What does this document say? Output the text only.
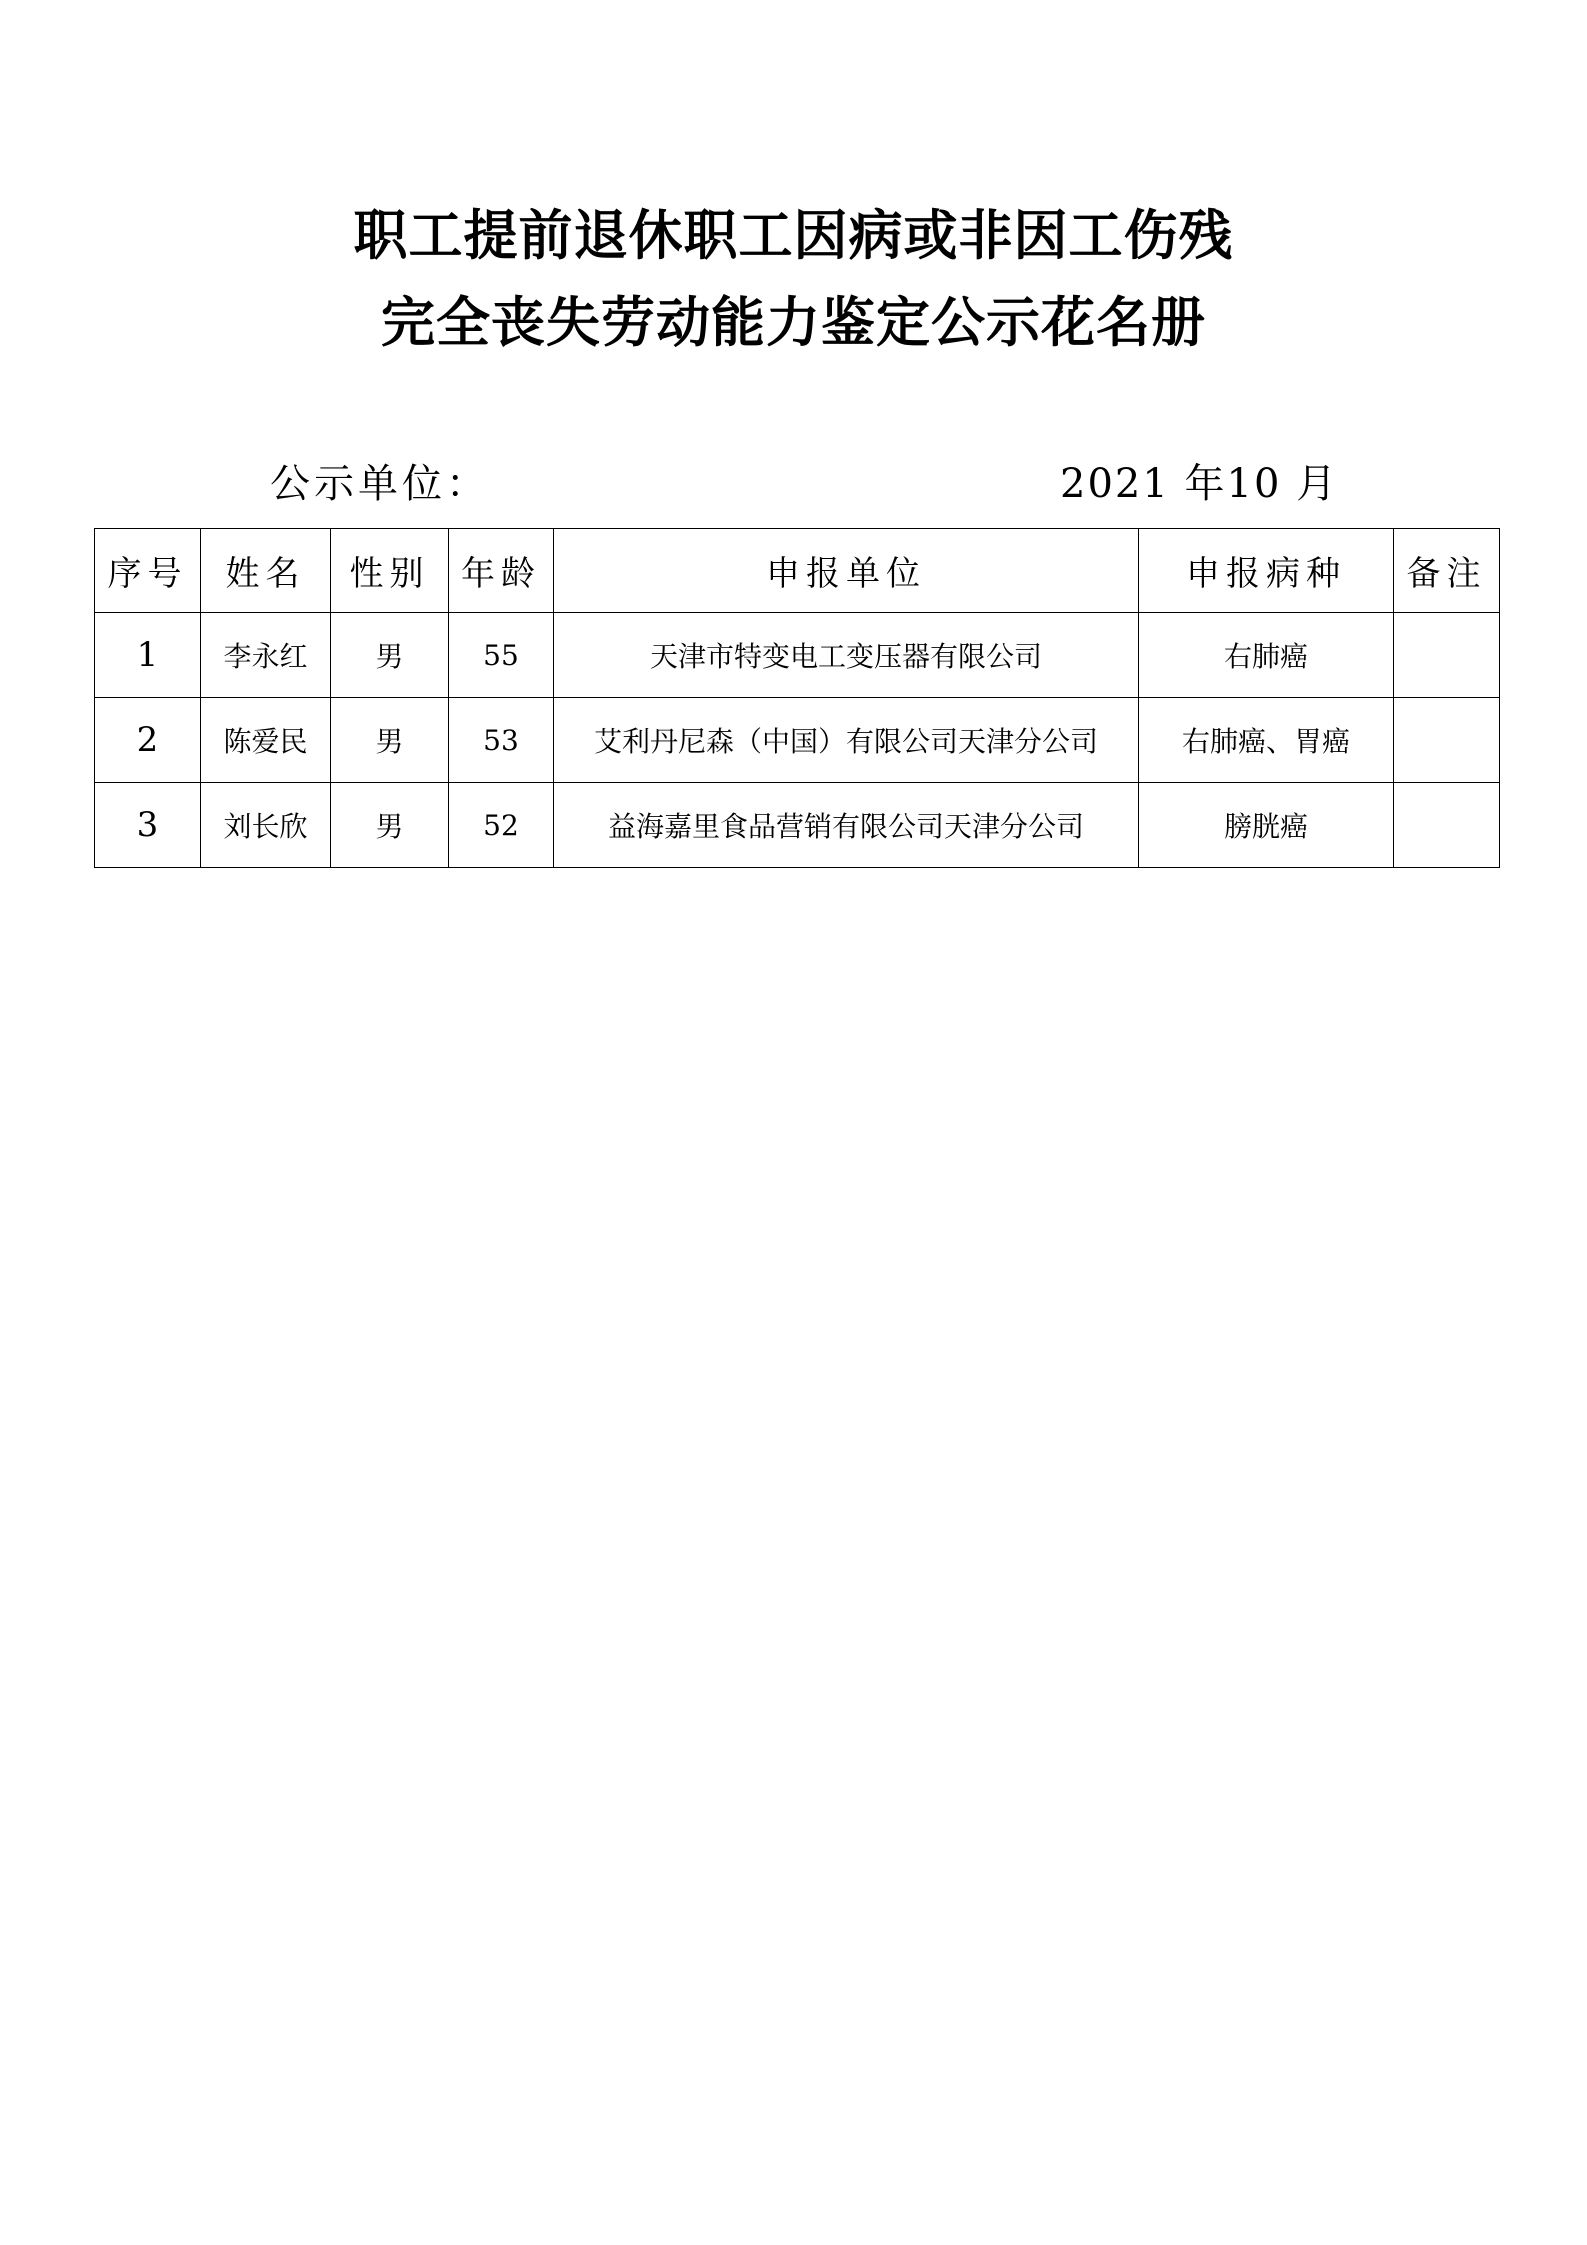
职工提前退休职工因病或非因工伤残
完全丧失劳动能力鉴定公示花名册
公示单位：	2021 年10 月
序号	姓名	性别	年龄	申报单位	申报病种	备注
1	李永红	男	55	天津市特变电工变压器有限公司	右肺癌	
2	陈爱民	男	53	艾利丹尼森（中国）有限公司天津分公司	右肺癌、胃癌	
3	刘长欣	男	52	益海嘉里食品营销有限公司天津分公司	膀胱癌	
